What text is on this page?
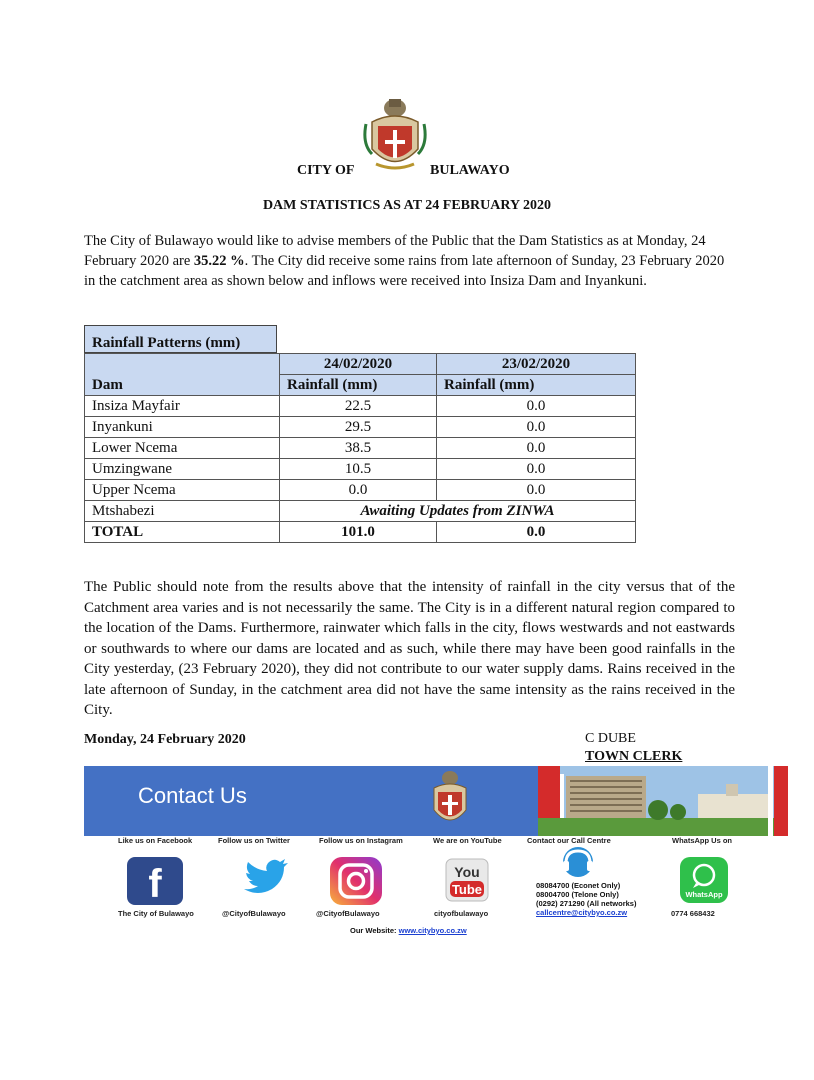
CITY OF	BULAWAYO
DAM STATISTICS AS AT 24 FEBRUARY 2020
The City of Bulawayo would like to advise members of the Public that the Dam Statistics as at Monday, 24 February 2020 are 35.22 %. The City did receive some rains from late afternoon of Sunday, 23 February 2020 in the catchment area as shown below and inflows were received into Insiza Dam and Inyankuni.
Rainfall Patterns (mm)
	24/02/2020	23/02/2020
Dam	Rainfall (mm)	Rainfall (mm)
Insiza Mayfair	22.5	0.0
Inyankuni	29.5	0.0
Lower Ncema	38.5	0.0
Umzingwane	10.5	0.0
Upper Ncema	0.0	0.0
Mtshabezi	Awaiting Updates from ZINWA	
TOTAL	101.0	0.0
The Public should note from the results above that the intensity of rainfall in the city versus that of the Catchment area varies and is not necessarily the same. The City is in a different natural region compared to the location of the Dams. Furthermore, rainwater which falls in the city, flows westwards and not eastwards or southwards to where our dams are located and as such, while there may have been good rainfalls in the City yesterday, (23 February 2020), they did not contribute to our water supply dams. Rains received in the late afternoon of Sunday, in the catchment area did not have the same intensity as the rains received in the City.
Monday, 24 February 2020	C DUBE
TOWN CLERK
Contact Us
Like us on Facebook	Follow us on Twitter	Follow us on Instagram	We are on YouTube	Contact our Call Centre	WhatsApp Us on
f	You
Tube	WhatsApp
The City of Bulawayo	@CityofBulawayo	@CityofBulawayo	cityofbulawayo	0774 668432
08084700 (Econet Only)
08004700 (Telone Only)
(0292) 271290 (All networks)
callcentre@citybyo.co.zw
Our Website: www.citybyo.co.zw
